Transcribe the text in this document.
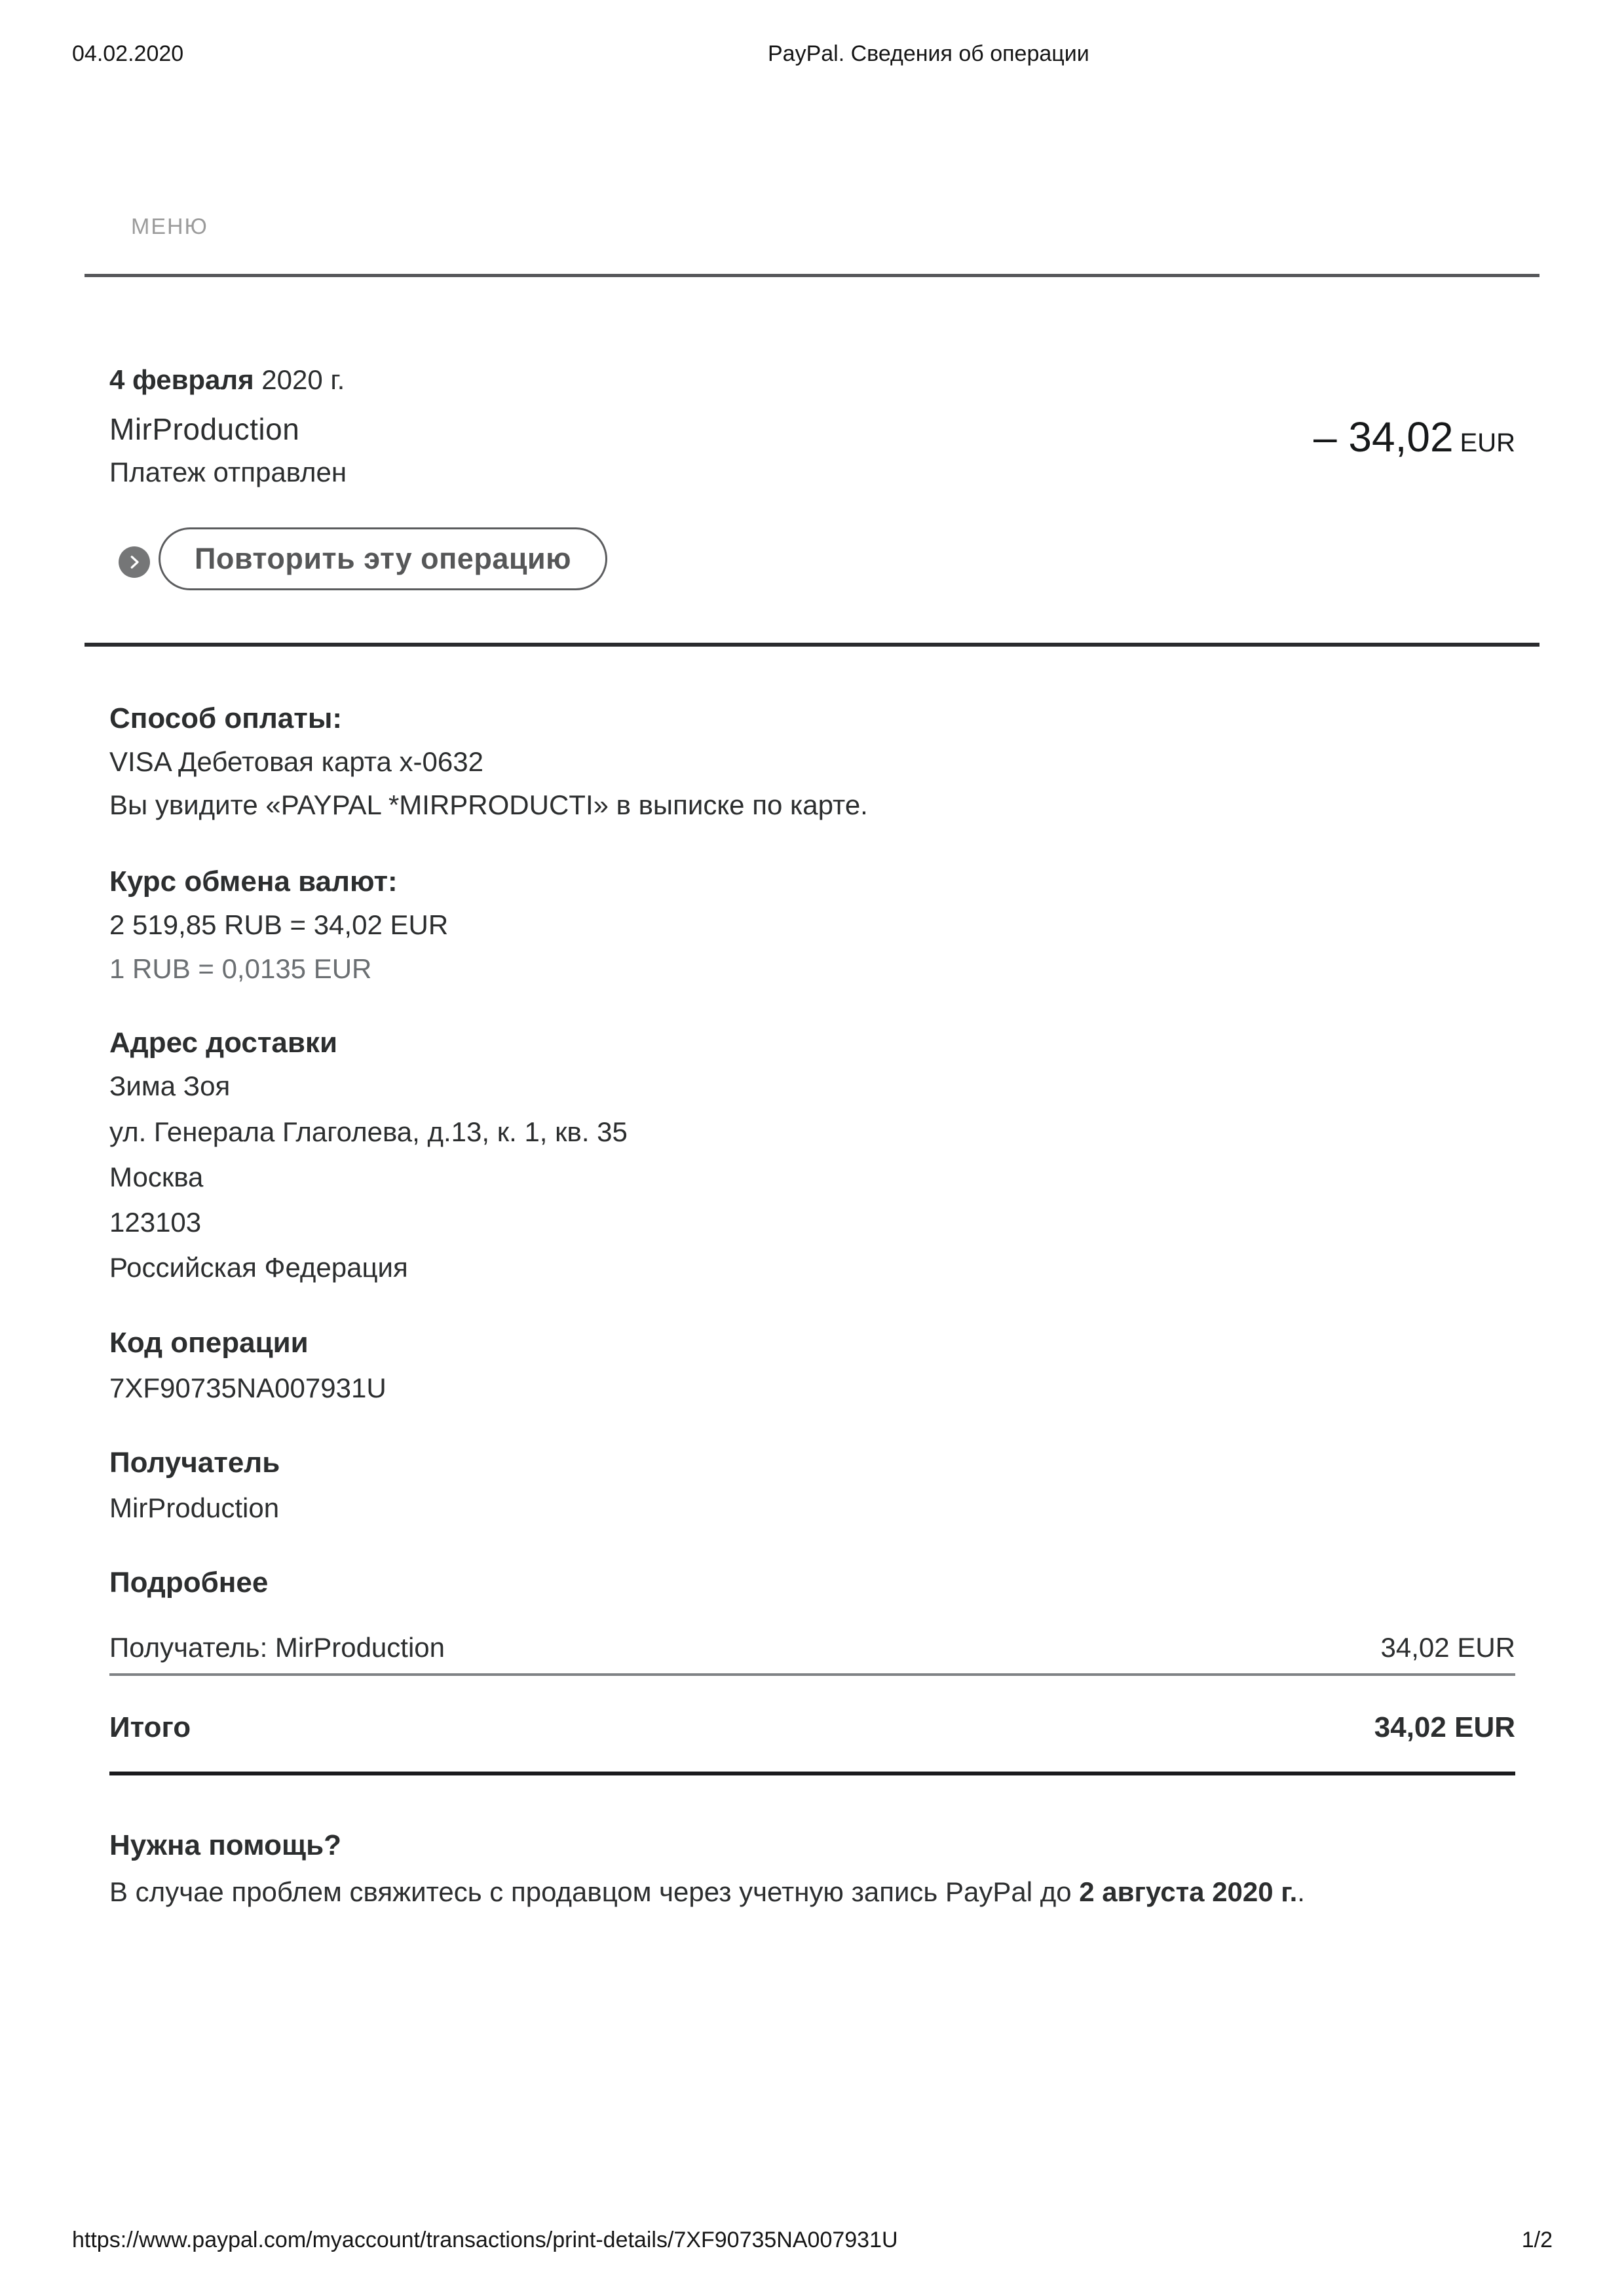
04.02.2020	PayPal. Сведения об операции
МЕНЮ
4 февраля 2020 г.
MirProduction
Платеж отправлен
– 34,02 EUR
Повторить эту операцию
Способ оплаты:
VISA Дебетовая карта x-0632
Вы увидите «PAYPAL *MIRPRODUCTI» в выписке по карте.
Курс обмена валют:
2 519,85 RUB = 34,02 EUR
1 RUB = 0,0135 EUR
Адрес доставки
Зима Зоя
ул. Генерала Глаголева, д.13, к. 1, кв. 35
Москва
123103
Российская Федерация
Код операции
7XF90735NA007931U
Получатель
MirProduction
Подробнее
Получатель: MirProduction	34,02 EUR
Итого	34,02 EUR
Нужна помощь?
В случае проблем свяжитесь с продавцом через учетную запись PayPal до 2 августа 2020 г..
https://www.paypal.com/myaccount/transactions/print-details/7XF90735NA007931U	1/2
